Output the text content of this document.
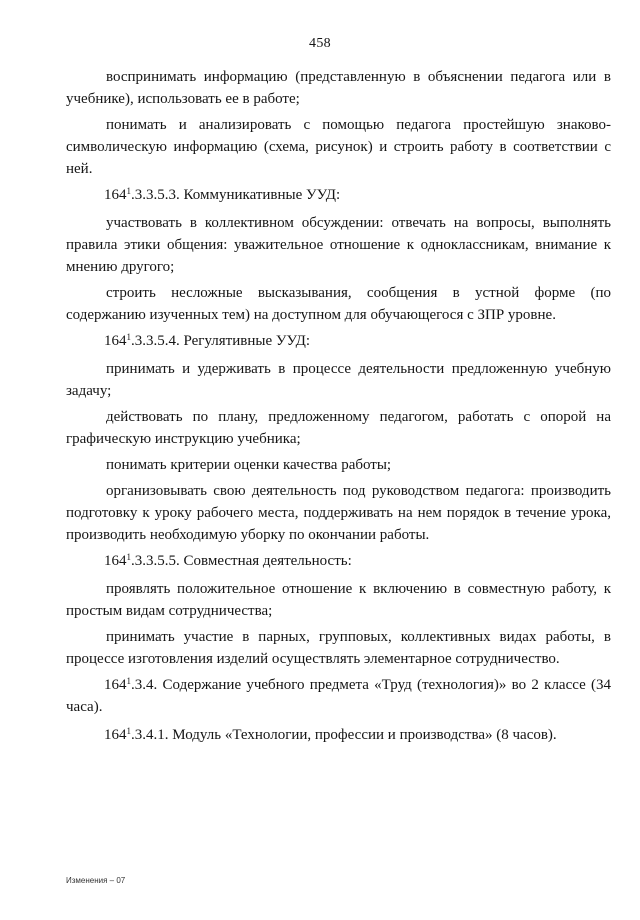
458

воспринимать информацию (представленную в объяснении педагога или в учебнике), использовать ее в работе;

понимать и анализировать с помощью педагога простейшую знаково-символическую информацию (схема, рисунок) и строить работу в соответствии с ней.

$164^1.3.3.5.3$. Коммуникативные УУД:

участвовать в коллективном обсуждении: отвечать на вопросы, выполнять правила этики общения: уважительное отношение к одноклассникам, внимание к мнению другого;

строить несложные высказывания, сообщения в устной форме (по содержанию изученных тем) на доступном для обучающегося с ЗПР уровне.

$164^1.3.3.5.4$. Регулятивные УУД:

принимать и удерживать в процессе деятельности предложенную учебную задачу;

действовать по плану, предложенному педагогом, работать с опорой на графическую инструкцию учебника;

понимать критерии оценки качества работы;

организовывать свою деятельность под руководством педагога: производить подготовку к уроку рабочего места, поддерживать на нем порядок в течение урока, производить необходимую уборку по окончании работы.

$164^1.3.3.5.5$. Совместная деятельность:

проявлять положительное отношение к включению в совместную работу, к простым видам сотрудничества;

принимать участие в парных, групповых, коллективных видах работы, в процессе изготовления изделий осуществлять элементарное сотрудничество.

$164^1.3.4$. Содержание учебного предмета «Труд (технология)» во 2 классе (34 часа).

$164^1.3.4.1$. Модуль «Технологии, профессии и производства» (8 часов).

Изменения – 07
